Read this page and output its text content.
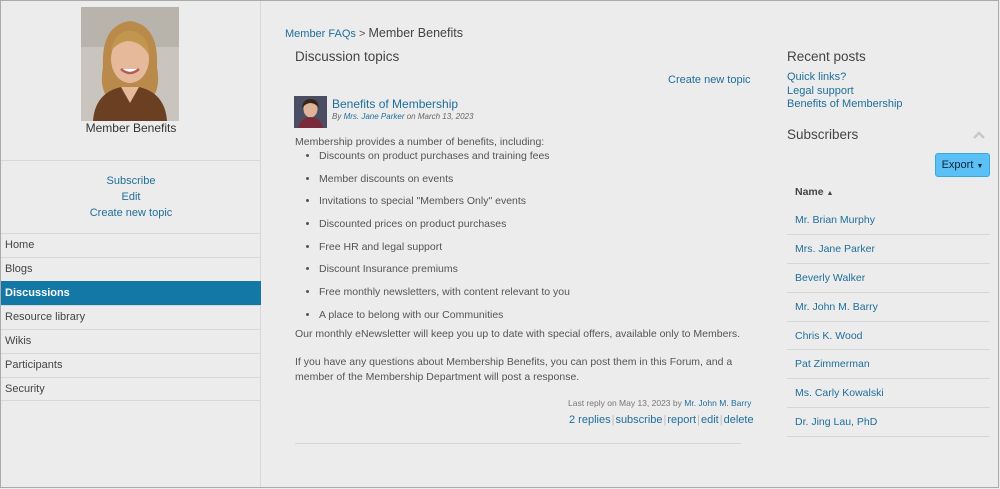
Member Benefits
Subscribe
Edit
Create new topic
Home
Blogs
Discussions
Resource library
Wikis
Participants
Security
Member FAQs > Member Benefits
Discussion topics
Create new topic
Benefits of Membership
By Mrs. Jane Parker on March 13, 2023

Membership provides a number of benefits, including:

• Discounts on product purchases and training fees
• Member discounts on events
• Invitations to special "Members Only" events
• Discounted prices on product purchases
• Free HR and legal support
• Discount Insurance premiums
• Free monthly newsletters, with content relevant to you
• A place to belong with our Communities
Our monthly eNewsletter will keep you up to date with special offers, available only to Members.
If you have any questions about Membership Benefits, you can post them in this Forum, and a member of the Membership Department will post a response.
Last reply on May 13, 2023 by Mr. John M. Barry
2 replies|subscribe|report|edit|delete
Recent posts
Quick links?
Legal support
Benefits of Membership
Subscribers
Export ▼
Name ▲
Mr. Brian Murphy
Mrs. Jane Parker
Beverly Walker
Mr. John M. Barry
Chris K. Wood
Pat Zimmerman
Ms. Carly Kowalski
Dr. Jing Lau, PhD
